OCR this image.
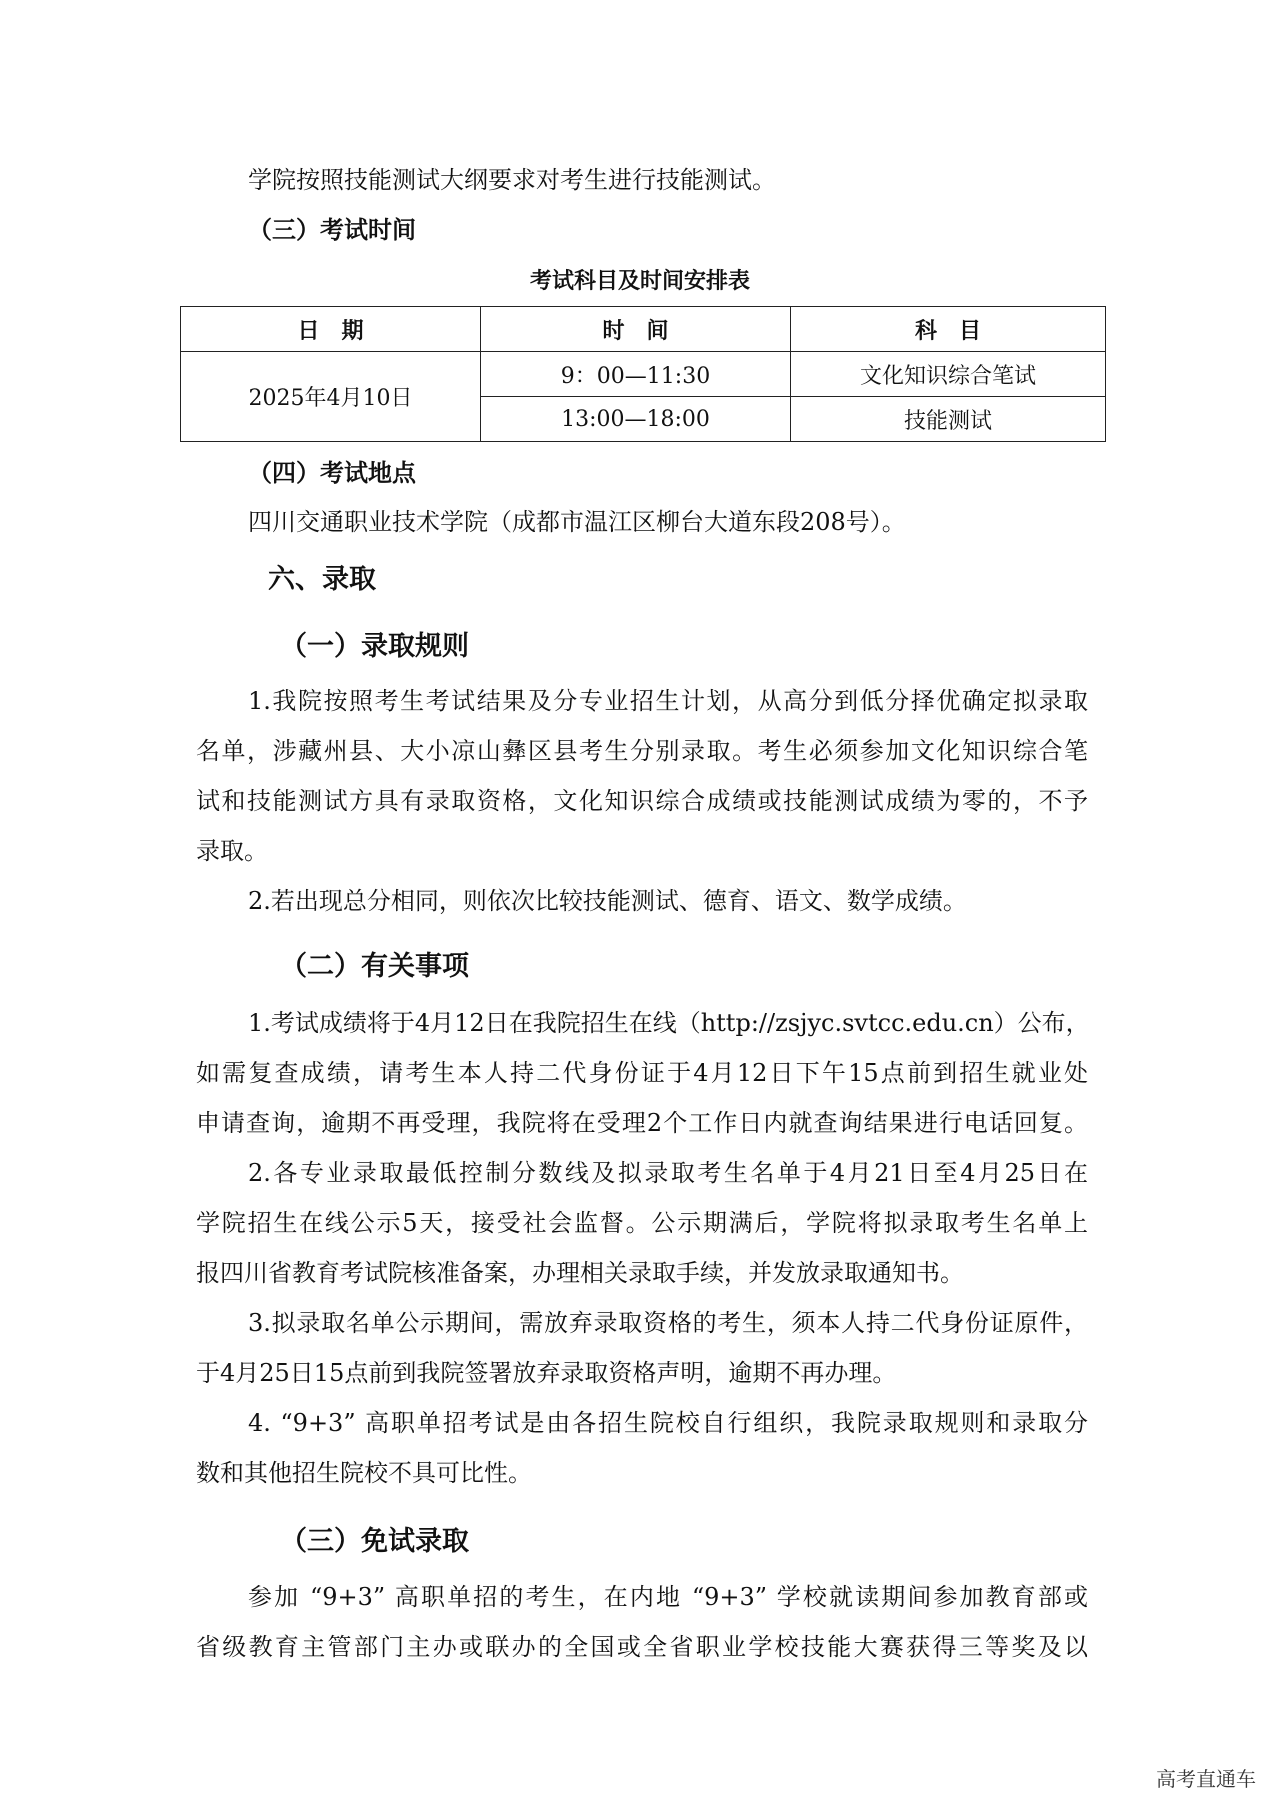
学院按照技能测试大纲要求对考生进行技能测试。
（三）考试时间
考试科目及时间安排表
日　期	时　间	科　目
2025年4月10日	9：00—11:30	文化知识综合笔试
	13:00—18:00	技能测试
（四）考试地点
四川交通职业技术学院（成都市温江区柳台大道东段208号）。
六、录取
（一）录取规则
1.我院按照考生考试结果及分专业招生计划，从高分到低分择优确定拟录取
名单，涉藏州县、大小凉山彝区县考生分别录取。考生必须参加文化知识综合笔
试和技能测试方具有录取资格，文化知识综合成绩或技能测试成绩为零的，不予
录取。
2.若出现总分相同，则依次比较技能测试、德育、语文、数学成绩。
（二）有关事项
1.考试成绩将于4月12日在我院招生在线（http://zsjyc.svtcc.edu.cn）公布，
如需复查成绩，请考生本人持二代身份证于4月12日下午15点前到招生就业处
申请查询，逾期不再受理，我院将在受理2个工作日内就查询结果进行电话回复。
2.各专业录取最低控制分数线及拟录取考生名单于4月21日至4月25日在
学院招生在线公示5天，接受社会监督。公示期满后，学院将拟录取考生名单上
报四川省教育考试院核准备案，办理相关录取手续，并发放录取通知书。
3.拟录取名单公示期间，需放弃录取资格的考生，须本人持二代身份证原件，
于4月25日15点前到我院签署放弃录取资格声明，逾期不再办理。
4. “9+3” 高职单招考试是由各招生院校自行组织，我院录取规则和录取分
数和其他招生院校不具可比性。
（三）免试录取
参加 “9+3” 高职单招的考生，在内地 “9+3” 学校就读期间参加教育部或
省级教育主管部门主办或联办的全国或全省职业学校技能大赛获得三等奖及以
高考直通车
